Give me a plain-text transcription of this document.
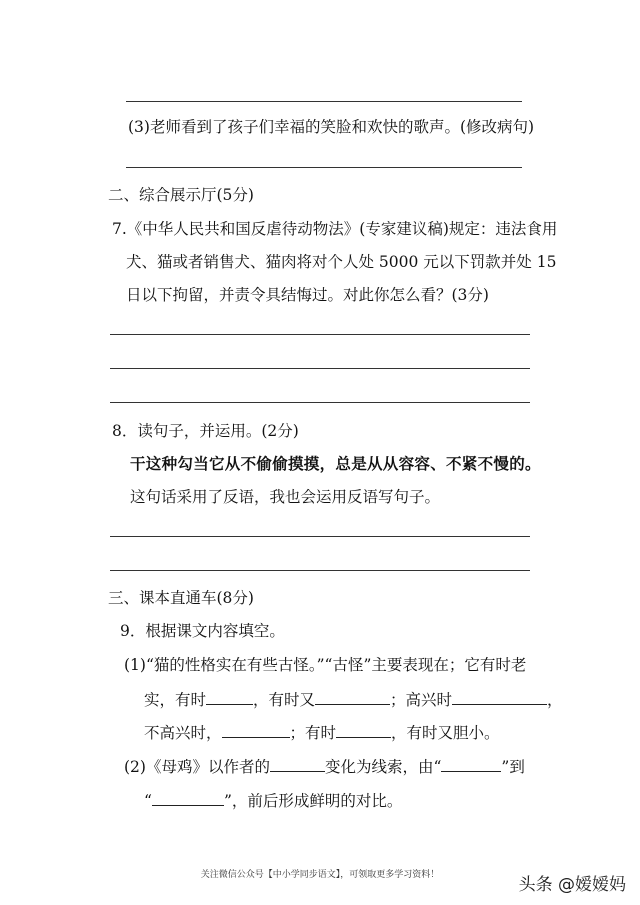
(3)老师看到了孩子们幸福的笑脸和欢快的歌声。(修改病句)
二、综合展示厅(5分)
7.《中华人民共和国反虐待动物法》(专家建议稿)规定：违法食用
犬、猫或者销售犬、猫肉将对个人处 5000 元以下罚款并处 15
日以下拘留，并责令具结悔过。对此你怎么看？(3分)
8．读句子，并运用。(2分)
干这种勾当它从不偷偷摸摸，总是从从容容、不紧不慢的。
这句话采用了反语，我也会运用反语写句子。
三、课本直通车(8分)
9．根据课文内容填空。
(1)“猫的性格实在有些古怪。”“古怪”主要表现在；它有时老
实，有时	，有时又	；高兴时	，
不高兴时，	；有时	，有时又胆小。
(2)《母鸡》以作者的	变化为线索，由“	”到
“	”，前后形成鲜明的对比。
关注微信公众号【中小学同步语文】，可领取更多学习资料！	头条 @嫒嫒妈
